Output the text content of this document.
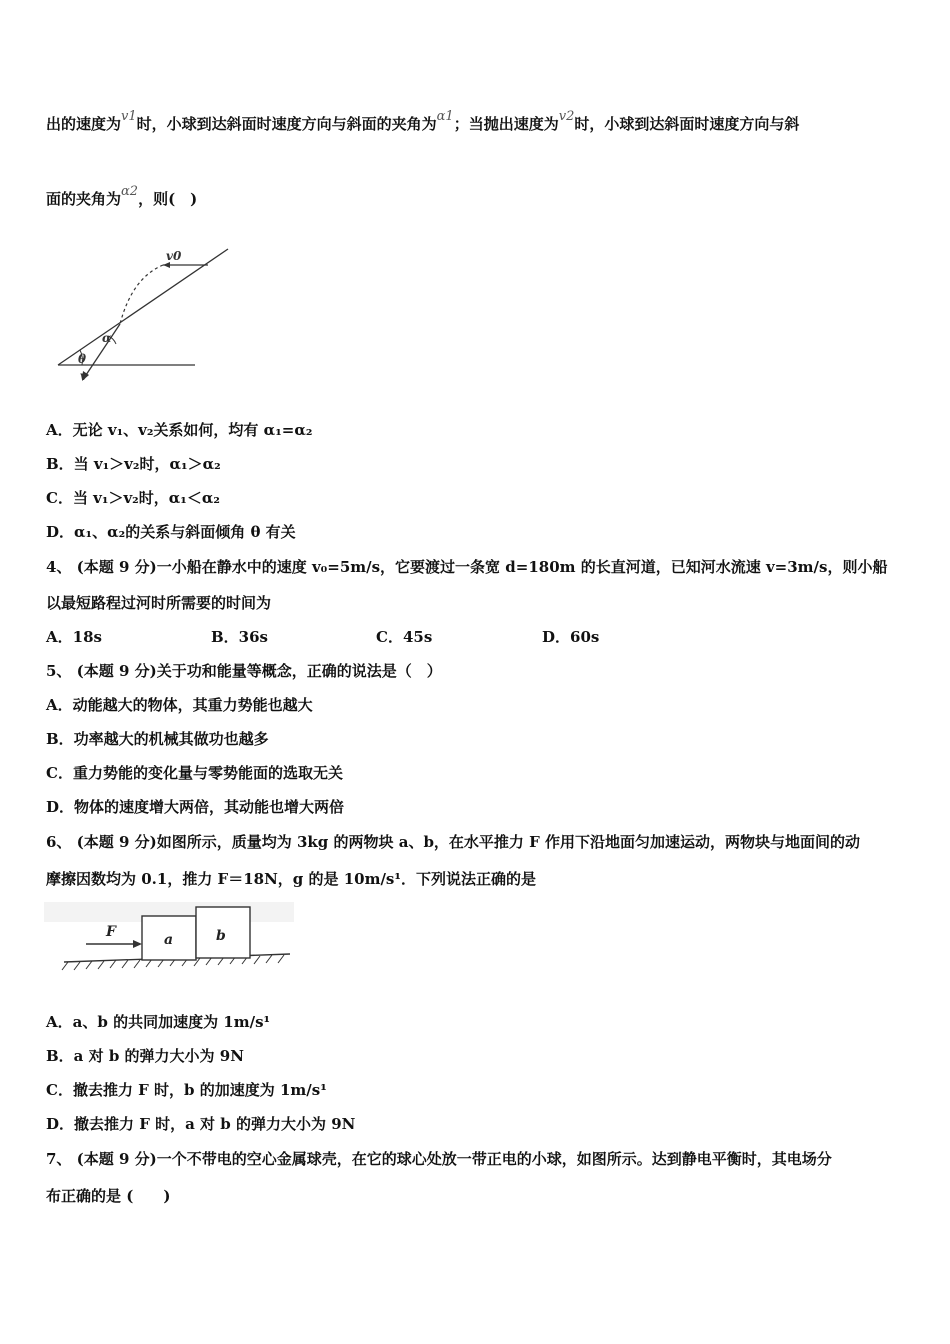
出的速度为v1时，小球到达斜面时速度方向与斜面的夹角为α1；当抛出速度为v2时，小球到达斜面时速度方向与斜
面的夹角为α2，则(　)
v0
α
θ
v
A．无论 v₁、v₂关系如何，均有 α₁=α₂
B．当 v₁＞v₂时，α₁＞α₂
C．当 v₁＞v₂时，α₁＜α₂
D．α₁、α₂的关系与斜面倾角 θ 有关
4、 (本题 9 分)一小船在静水中的速度 v₀=5m/s，它要渡过一条宽 d=180m 的长直河道，已知河水流速 v=3m/s，则小船
以最短路程过河时所需要的时间为
A．18s	B．36s	C．45s	D．60s
5、 (本题 9 分)关于功和能量等概念，正确的说法是（　）
A．动能越大的物体，其重力势能也越大
B．功率越大的机械其做功也越多
C．重力势能的变化量与零势能面的选取无关
D．物体的速度增大两倍，其动能也增大两倍
6、 (本题 9 分)如图所示，质量均为 3kg 的两物块 a、b，在水平推力 F 作用下沿地面匀加速运动，两物块与地面间的动
摩擦因数均为 0.1，推力 F＝18N，g 的是 10m/s¹．下列说法正确的是
F	a	b
A．a、b 的共同加速度为 1m/s¹
B．a 对 b 的弹力大小为 9N
C．撤去推力 F 时，b 的加速度为 1m/s¹
D．撤去推力 F 时，a 对 b 的弹力大小为 9N
7、 (本题 9 分)一个不带电的空心金属球壳，在它的球心处放一带正电的小球，如图所示。达到静电平衡时，其电场分
布正确的是 (　　)
